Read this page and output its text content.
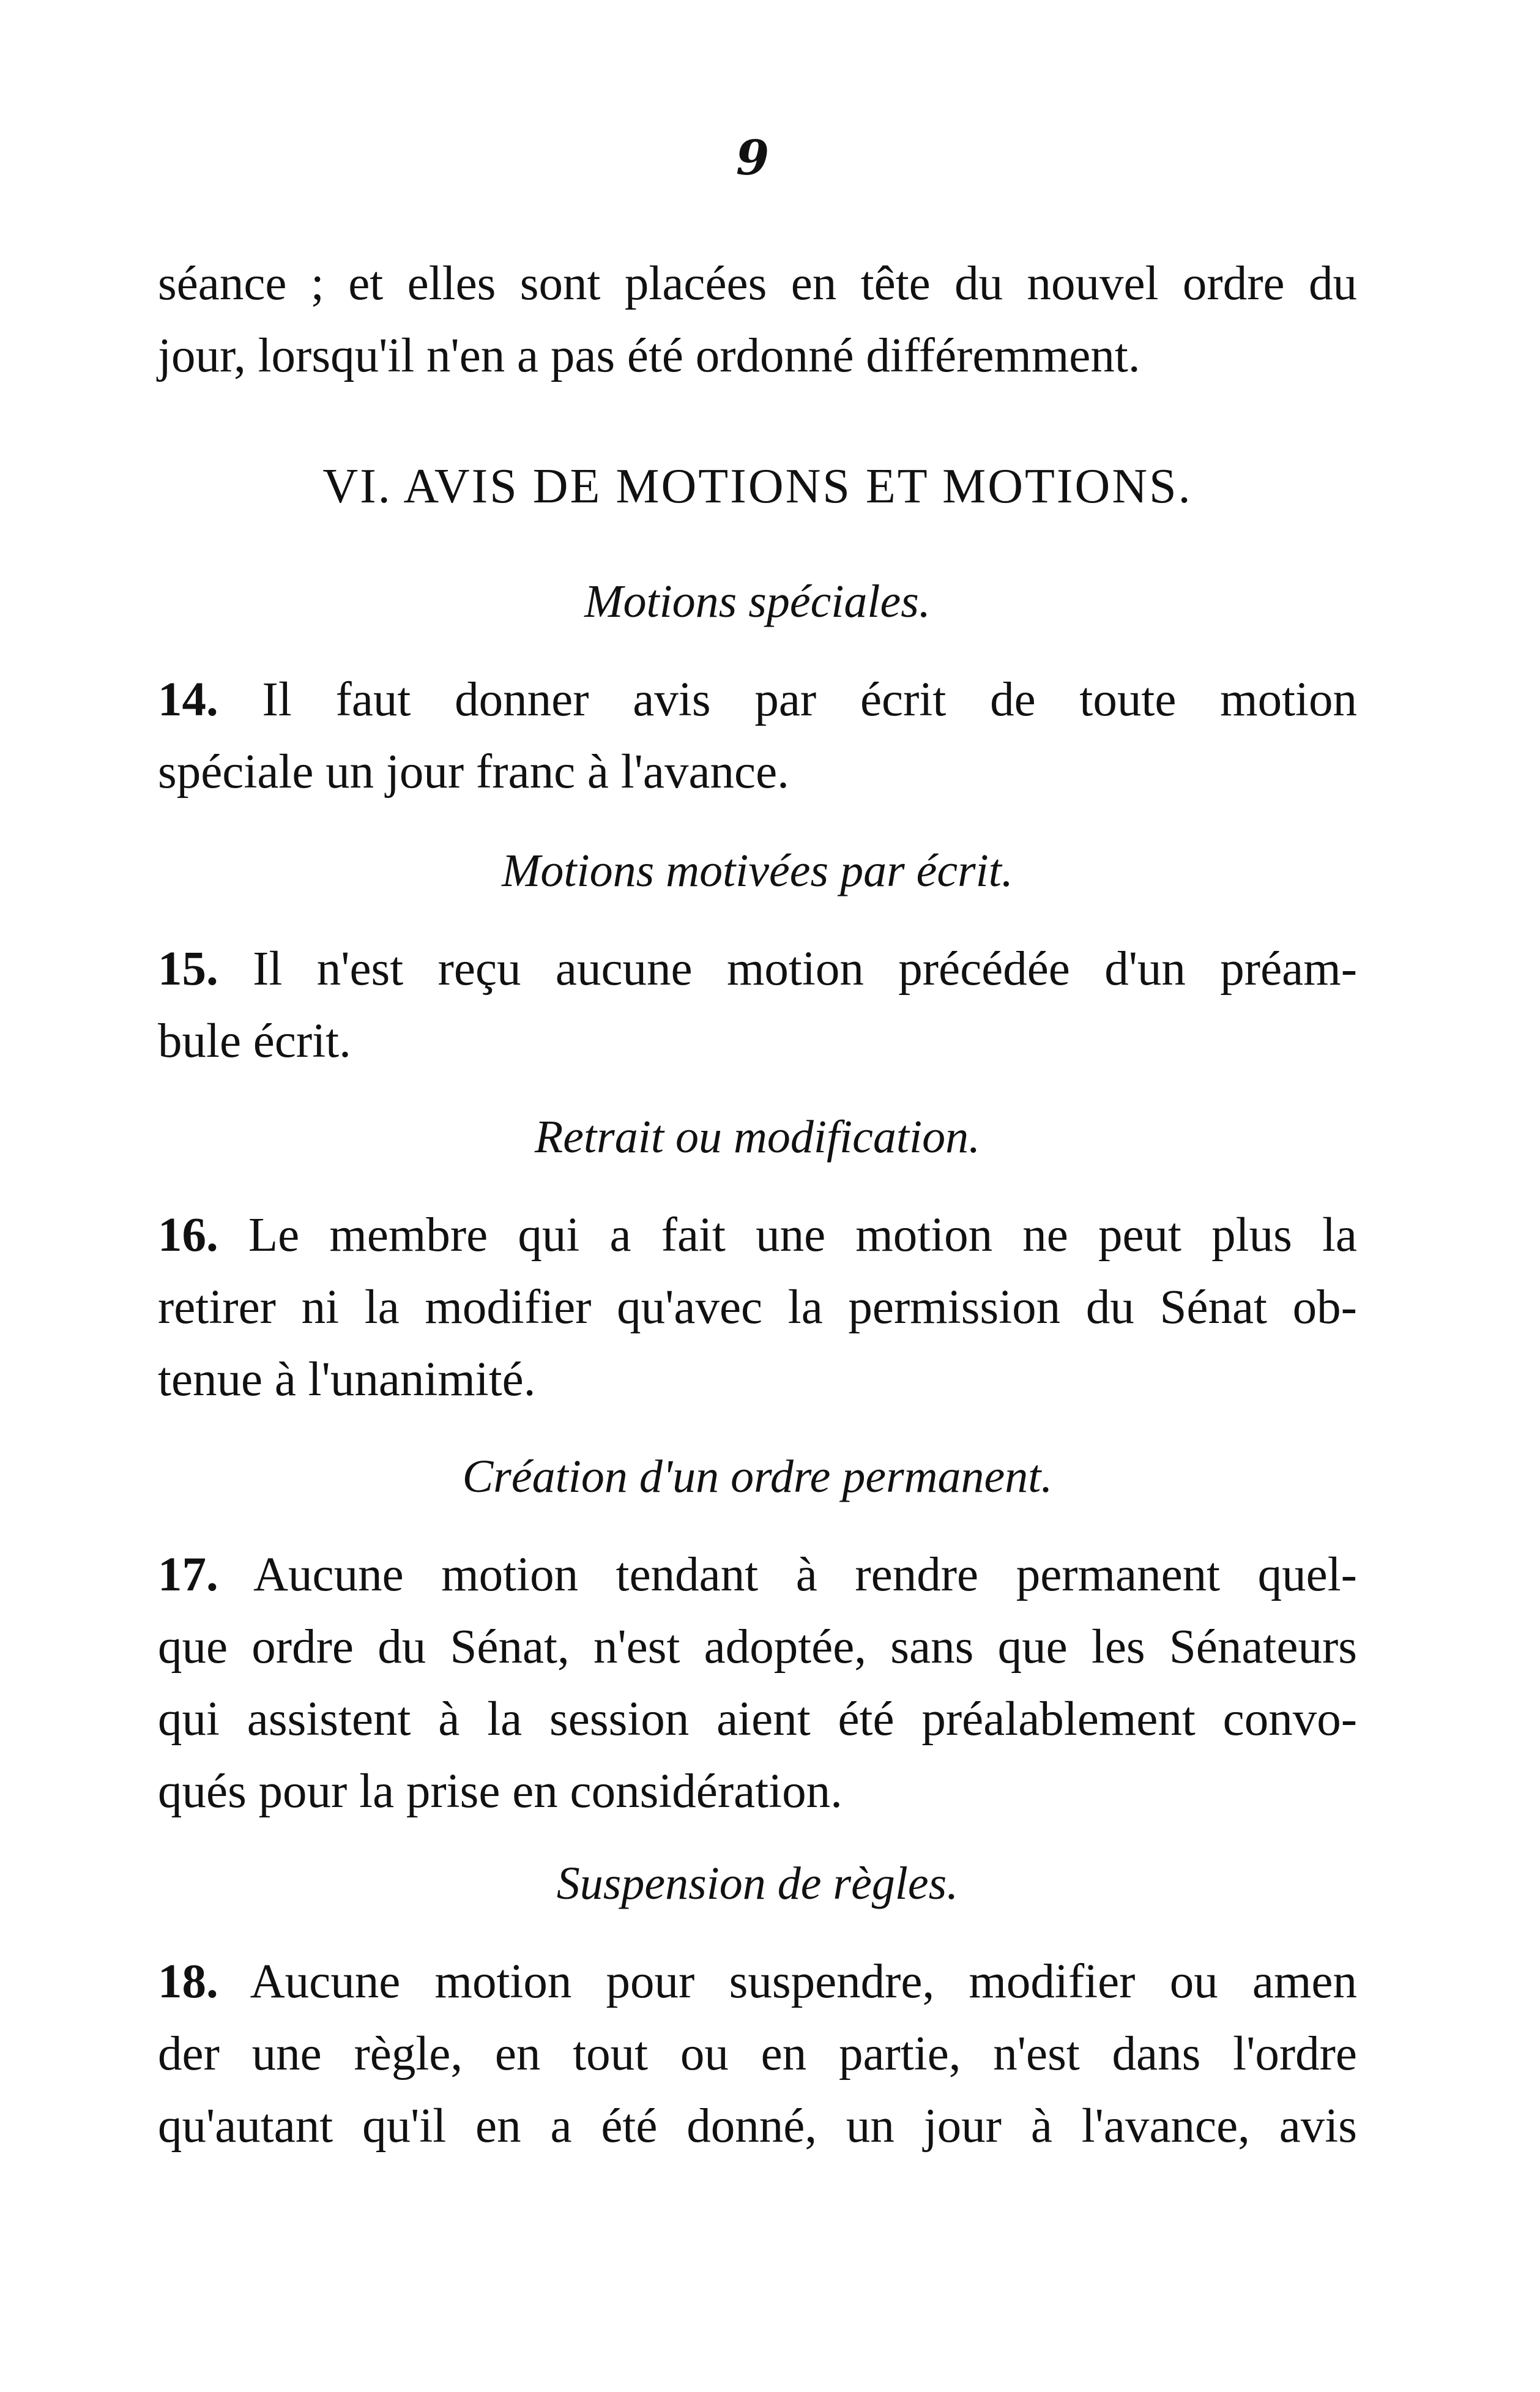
9
séance ; et elles sont placées en tête du nouvel ordre du
jour, lorsqu'il n'en a pas été ordonné différemment.
VI. AVIS DE MOTIONS ET MOTIONS.
Motions spéciales.
14. Il faut donner avis par écrit de toute motion
spéciale un jour franc à l'avance.
Motions motivées par écrit.
15. Il n'est reçu aucune motion précédée d'un préam-
bule écrit.
Retrait ou modification.
16. Le membre qui a fait une motion ne peut plus la
retirer ni la modifier qu'avec la permission du Sénat ob-
tenue à l'unanimité.
Création d'un ordre permanent.
17. Aucune motion tendant à rendre permanent quel-
que ordre du Sénat, n'est adoptée, sans que les Sénateurs
qui assistent à la session aient été préalablement convo-
qués pour la prise en considération.
Suspension de règles.
18. Aucune motion pour suspendre, modifier ou amen
der une règle, en tout ou en partie, n'est dans l'ordre
qu'autant qu'il en a été donné, un jour à l'avance, avis
